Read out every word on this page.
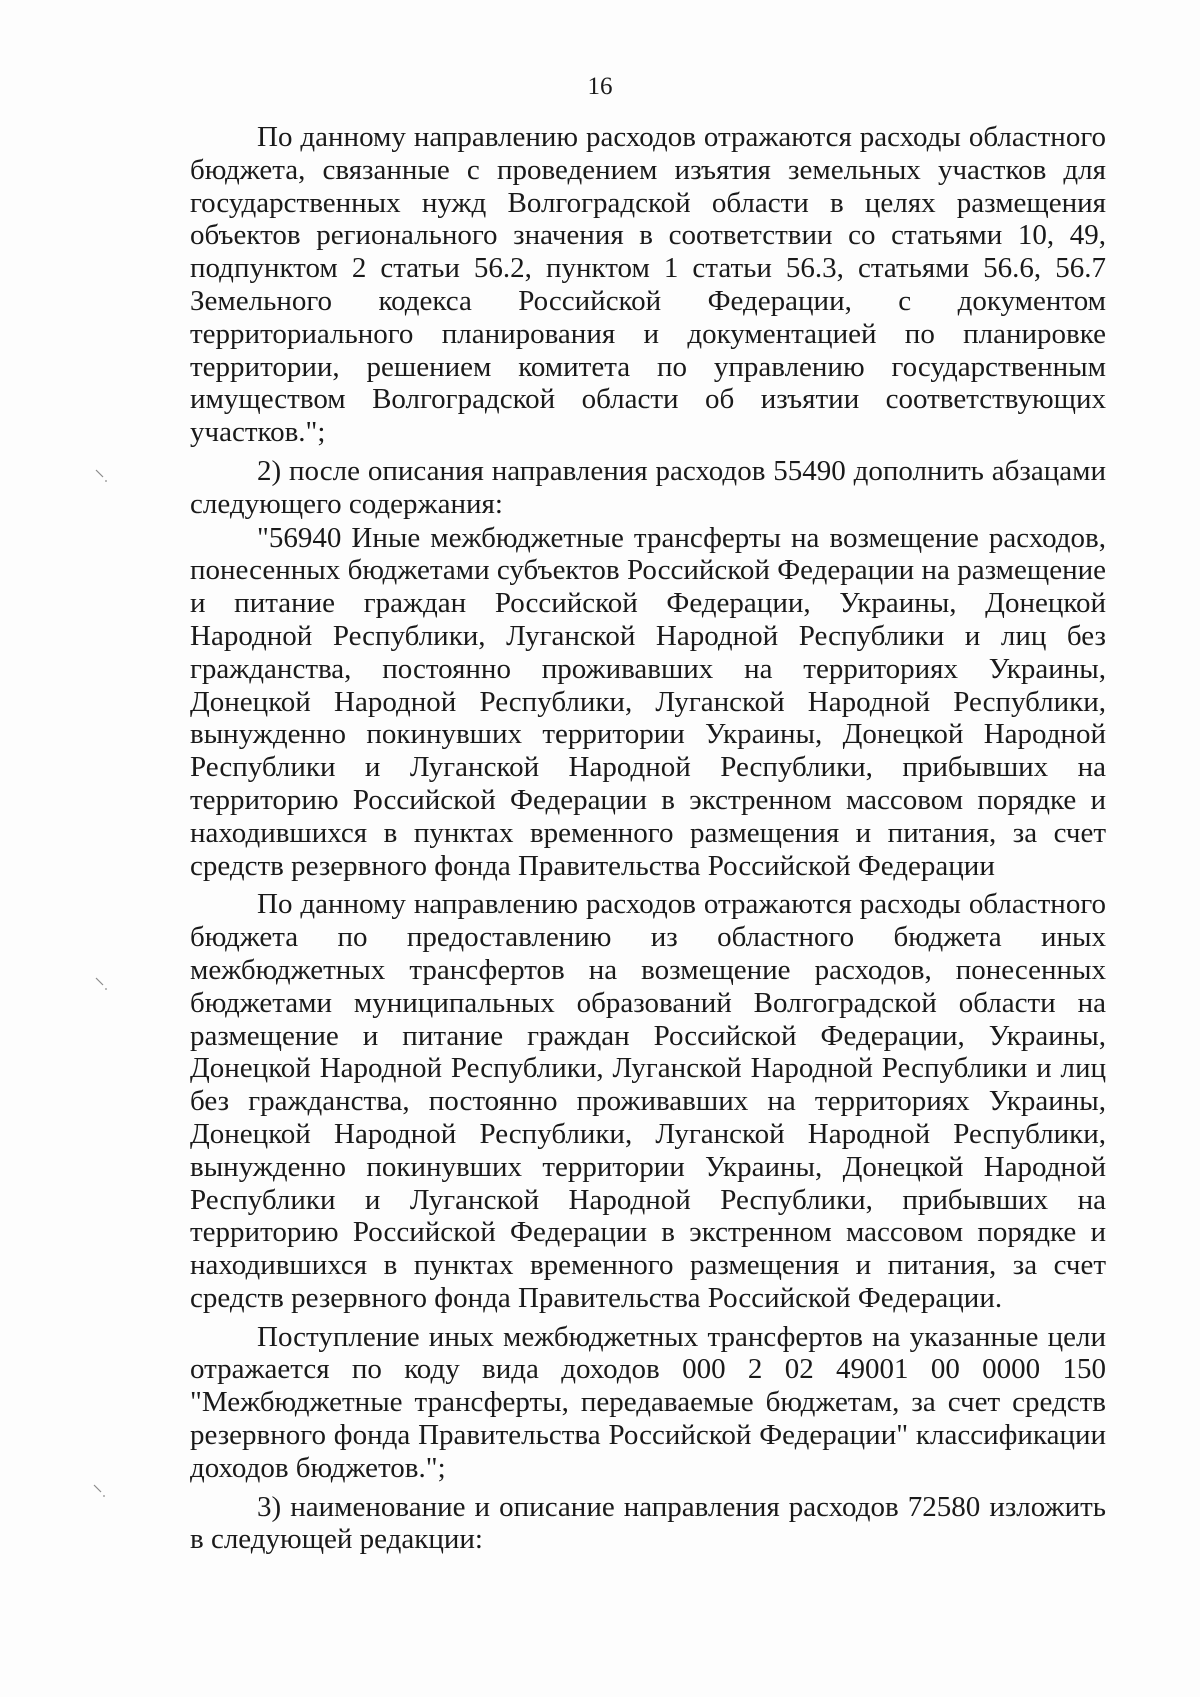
16

По данному направлению расходов отражаются расходы областного бюджета, связанные с проведением изъятия земельных участков для государственных нужд Волгоградской области в целях размещения объектов регионального значения в соответствии со статьями 10, 49, подпунктом 2 статьи 56.2, пунктом 1 статьи 56.3, статьями 56.6, 56.7 Земельного кодекса Российской Федерации, с документом территориального планирования и документацией по планировке территории, решением комитета по управлению государственным имуществом Волгоградской области об изъятии соответствующих участков.";

2) после описания направления расходов 55490 дополнить абзацами следующего содержания:

"56940 Иные межбюджетные трансферты на возмещение расходов, понесенных бюджетами субъектов Российской Федерации на размещение и питание граждан Российской Федерации, Украины, Донецкой Народной Республики, Луганской Народной Республики и лиц без гражданства, постоянно проживавших на территориях Украины, Донецкой Народной Республики, Луганской Народной Республики, вынужденно покинувших территории Украины, Донецкой Народной Республики и Луганской Народной Республики, прибывших на территорию Российской Федерации в экстренном массовом порядке и находившихся в пунктах временного размещения и питания, за счет средств резервного фонда Правительства Российской Федерации

По данному направлению расходов отражаются расходы областного бюджета по предоставлению из областного бюджета иных межбюджетных трансфертов на возмещение расходов, понесенных бюджетами муниципальных образований Волгоградской области на размещение и питание граждан Российской Федерации, Украины, Донецкой Народной Республики, Луганской Народной Республики и лиц без гражданства, постоянно проживавших на территориях Украины, Донецкой Народной Республики, Луганской Народной Республики, вынужденно покинувших территории Украины, Донецкой Народной Республики и Луганской Народной Республики, прибывших на территорию Российской Федерации в экстренном массовом порядке и находившихся в пунктах временного размещения и питания, за счет средств резервного фонда Правительства Российской Федерации.

Поступление иных межбюджетных трансфертов на указанные цели отражается по коду вида доходов 000 2 02 49001 00 0000 150 "Межбюджетные трансферты, передаваемые бюджетам, за счет средств резервного фонда Правительства Российской Федерации" классификации доходов бюджетов.";

3) наименование и описание направления расходов 72580 изложить в следующей редакции:
